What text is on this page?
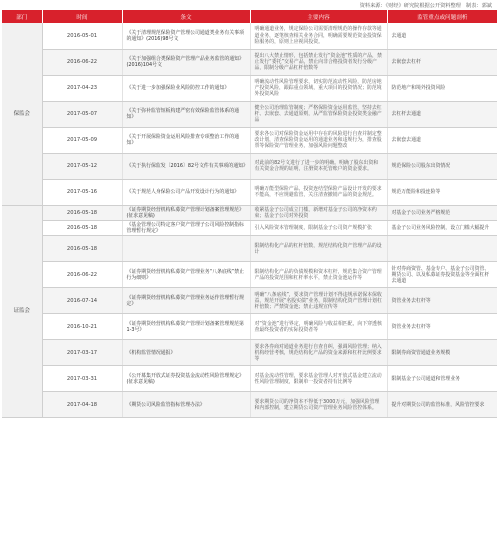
资料来源：《财经》研究院根据公开资料整理　制表：郭斌
部门	时间	条文	主要内容	监管重点或问题剖析
保监会	2016-05-01	《关于清理规范保险资产管理公司通道类业务有关事项的通知》(2016)98号文	明确通道业务，规定保险公司需要清理规范的操作存款等通道业务，逐笔核查相关业务合同，明确需要规范资金投资保险服务的，原则上应视同投资。	去通道
	2016-06-22	《关于加强组合类保险资产管理产品业务监管的通知》(2016)104号文	提出八大禁止情形，包括禁止发行“资金池”性质的产品，禁止发行“委托”交易产品，禁止向非合格投资者发行分级产品，限制分级产品杠杆倍数等	去嵌套去杠杆
	2017-04-23	《关于进一步加强保险业风险防控工作的通知》	明确流动性风险管理要求，切实防范流动性风险，防范房地产投资风险，跟踪重点领域，重大项目的投资情况；防范境外投资风险	防范地产和境外投资风险
	2017-05-07	《关于弥补监管短板构建严密有效保险监管体系的通知》	健全公司治理监管制度；严格保险资金运用监管，坚持去杠杆、去嵌套、去通道原则，从严监管保险资金投资类金融产品	去杠杆去通道
	2017-05-09	《关于开展保险资金运用风险排查专项整治工作的通知》	要求各公司对保险资金运用中存在的风险进行自查并制定整改计划，清查保险资金运用的通道业务和违规行为，排查股票等保险资产管理业务，加强风险问题整改	去嵌套去通道
	2017-05-12	《关于执行保监发〔2016〕82号文件有关事项的通知》	对此前的82号文进行了进一步的明确。明确了股东出资和有关资金合规的证明，注册资本托管账户的资金要求。	规范保险公司股东出资情况
	2017-05-16	《关于规范人身保险公司产品开发设计行为的通知》	明确万能型保险产品、投资连结型保险产品设计开发的要求不能高，不应规避监管，关注清查撤销产品的资金规范。	规范万能险和投连险等
证监会	2016-05-18	《证券期货经营机构私募资产管理计划备案管理规范》(征求意见稿)	收紧基金子公司成立门槛，新增对基金子公司的净资本约束；基金子公司对外投资	对基金子公司业务严格规范
	2016-05-18	《基金管理公司特定客户资产管理子公司风险控制指标管理暂行规定》	引入风险资本管理制度，限制基金子公司资产规模扩张	基金子公司业务风险控制，设立门槛大幅提升
	2016-05-18		限制结构化产品的杠杆倍数，规范结构化资产管理产品的设计	
	2016-06-22	《证券期货经营机构私募资产管理业务“八条底线”禁止行为细则》	限制结构化产品的负债规模和资本杠杆，规范集合资产管理产品的投资范围和杠杆率水平，禁止资金池运作等	针对券商资管、基金专户、基金子公司资管、期货公司、以及私募证券投资基金等全面杠杆去通道
	2016-07-14	《证券期货经营机构私募资产管理业务运作管理暂行规定》	明确“八条底线”，要求资产管理计划不得违规承诺保本保收益，规范开展“名股实债”业务，限制结构化资产管理计划杠杆倍数；严禁资金池；禁止违规宣传等	资管业务去杠杆等
	2016-10-21	《证券期货经营机构私募资产管理计划备案管理规范第1-3号》	对“资金池”进行界定，明确风险与收益相匹配，向下穿透核查最终投资者的实际投资者等	资管业务去杠杆等
	2017-03-17	《机构监管情况通报》	要求各券商对通道业务进行自查自纠，强调风险管理；纳入机构经营考核，规范结构化产品的资金来源和杠杆比例要求等	限制券商资管通道业务规模
	2017-03-31	《公开募集开放式证券投资基金流动性风险管理规定》(征求意见稿)	对基金流动性管理，要求基金管理人对开放式基金建立流动性风险管理制度，限制单一投资者持有比例等	限制基金子公司通道和管理业务
	2017-04-18	《期货公司风险监管指标管理办法》	要求期货公司的净资本不得低于3000万元，加强风险管理和内部控制，建立期货公司资产管理业务风险管控体系。	提升对期货公司的监管标准，风险管控要求
